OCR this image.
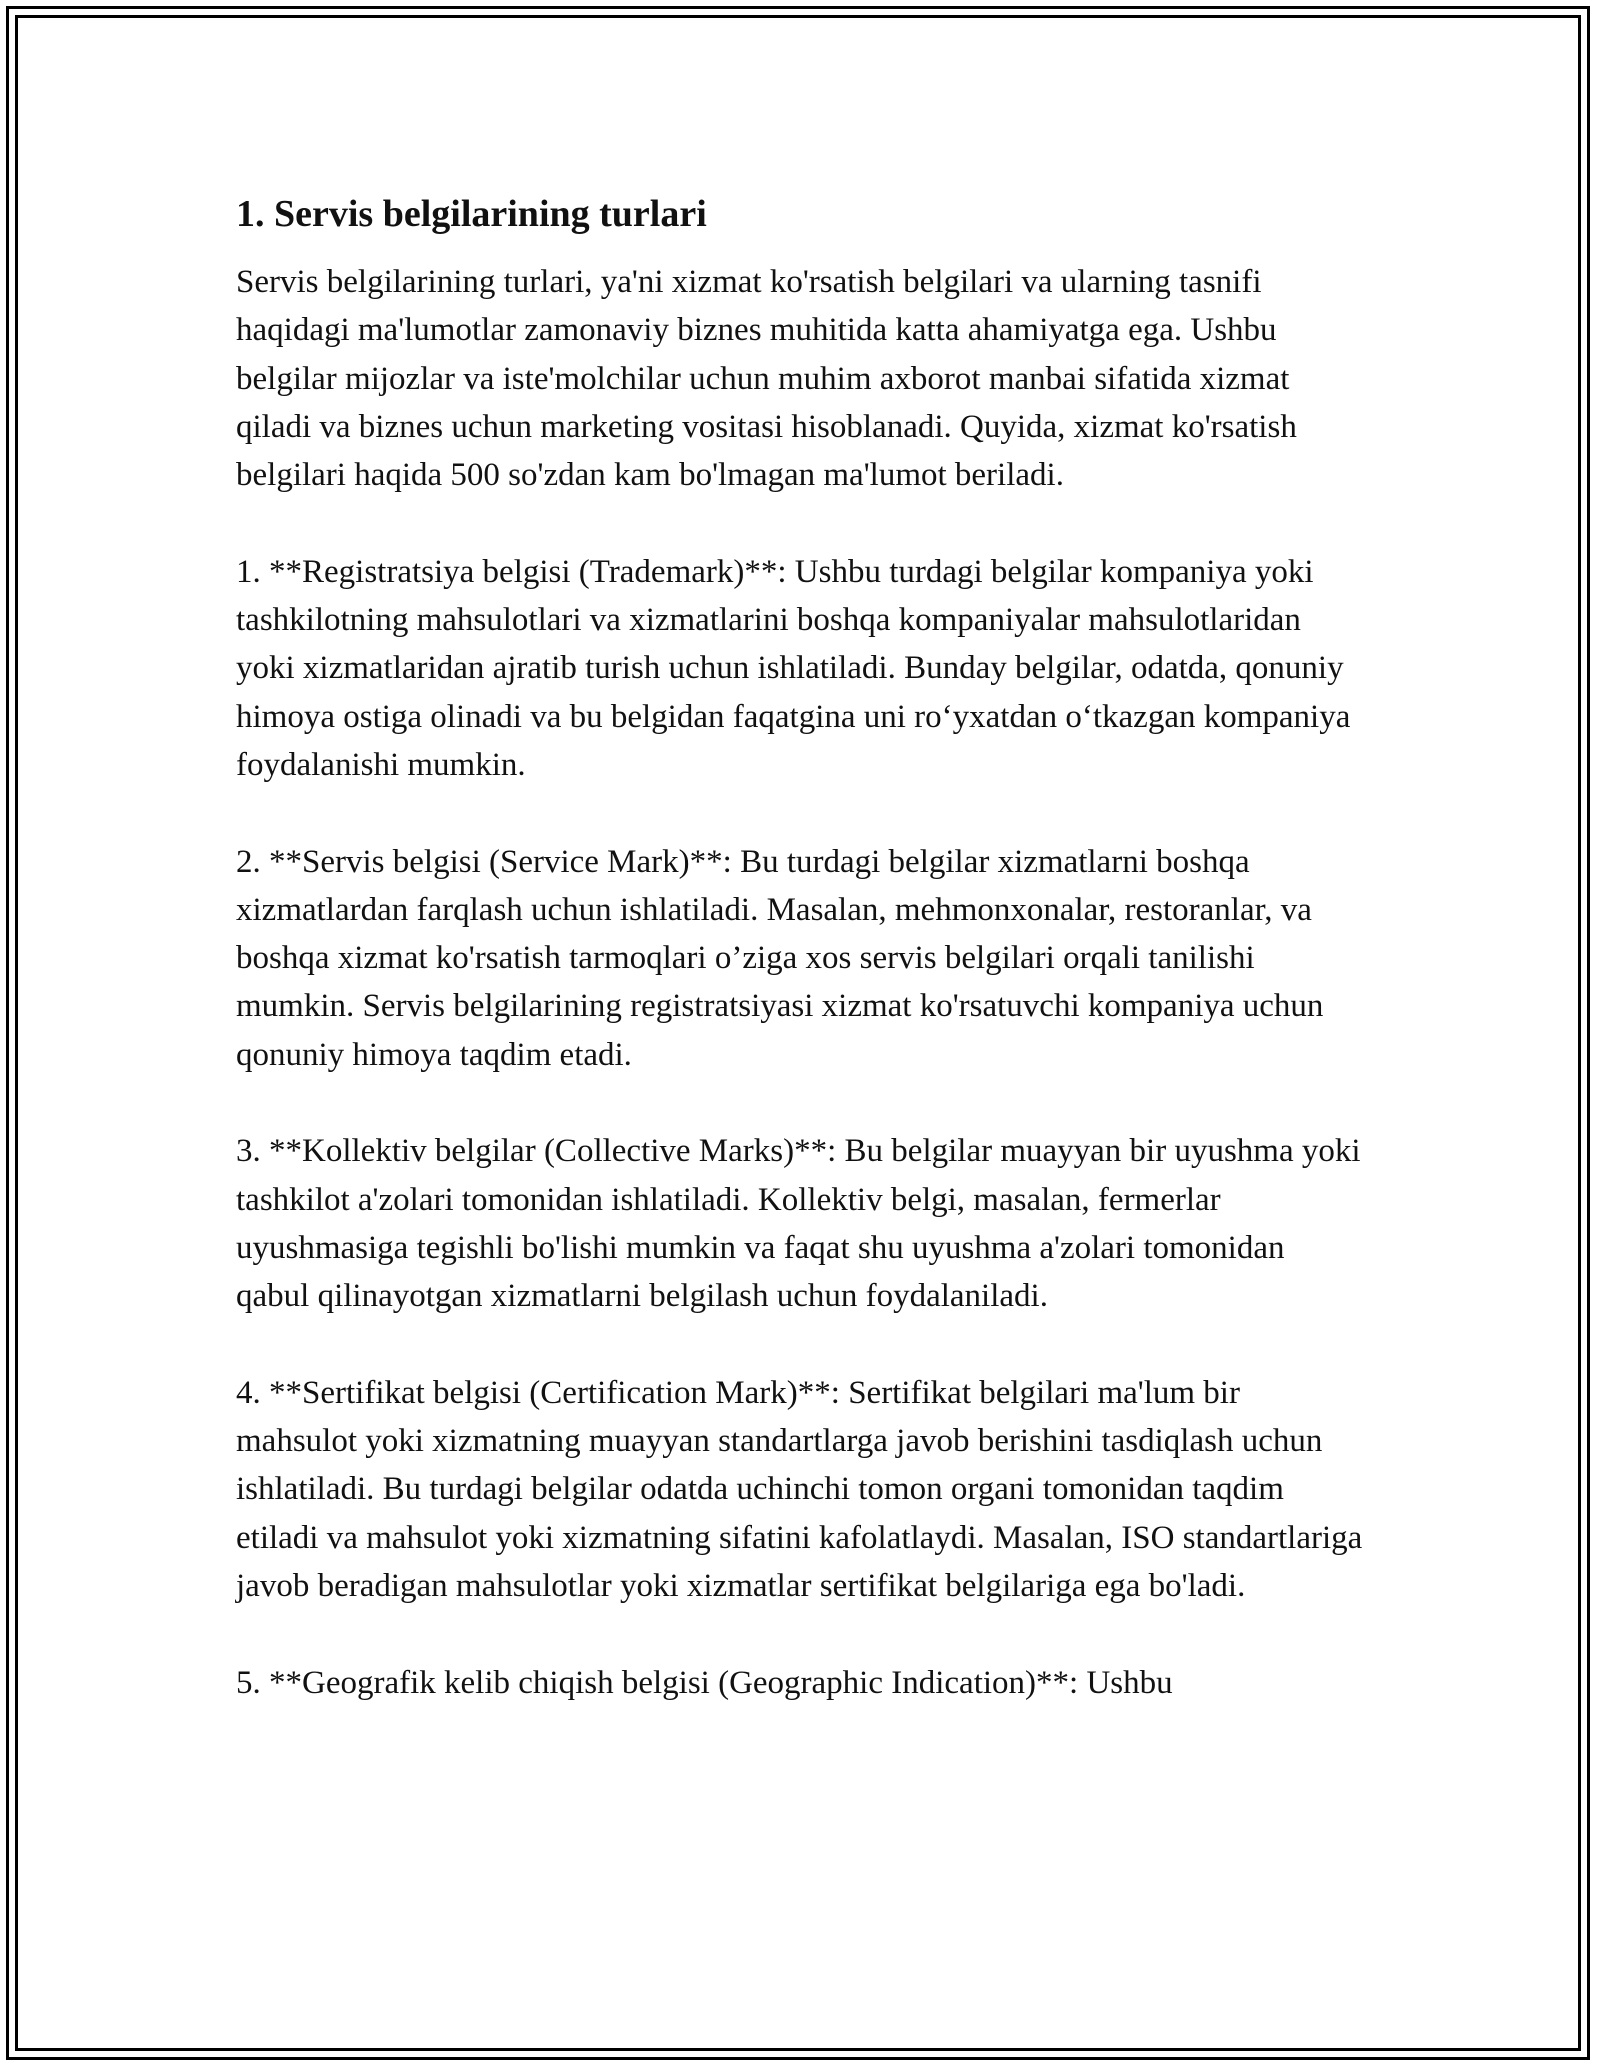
1. Servis belgilarining turlari

Servis belgilarining turlari, ya'ni xizmat ko'rsatish belgilari va ularning tasnifi haqidagi ma'lumotlar zamonaviy biznes muhitida katta ahamiyatga ega. Ushbu belgilar mijozlar va iste'molchilar uchun muhim axborot manbai sifatida xizmat qiladi va biznes uchun marketing vositasi hisoblanadi. Quyida, xizmat ko'rsatish belgilari haqida 500 so'zdan kam bo'lmagan ma'lumot beriladi.

1. **Registratsiya belgisi (Trademark)**: Ushbu turdagi belgilar kompaniya yoki tashkilotning mahsulotlari va xizmatlarini boshqa kompaniyalar mahsulotlaridan yoki xizmatlaridan ajratib turish uchun ishlatiladi. Bunday belgilar, odatda, qonuniy himoya ostiga olinadi va bu belgidan faqatgina uni ro‘yxatdan o‘tkazgan kompaniya foydalanishi mumkin.

2. **Servis belgisi (Service Mark)**: Bu turdagi belgilar xizmatlarni boshqa xizmatlardan farqlash uchun ishlatiladi. Masalan, mehmonxonalar, restoranlar, va boshqa xizmat ko'rsatish tarmoqlari o’ziga xos servis belgilari orqali tanilishi mumkin. Servis belgilarining registratsiyasi xizmat ko'rsatuvchi kompaniya uchun qonuniy himoya taqdim etadi.

3. **Kollektiv belgilar (Collective Marks)**: Bu belgilar muayyan bir uyushma yoki tashkilot a'zolari tomonidan ishlatiladi. Kollektiv belgi, masalan, fermerlar uyushmasiga tegishli bo'lishi mumkin va faqat shu uyushma a'zolari tomonidan qabul qilinayotgan xizmatlarni belgilash uchun foydalaniladi.

4. **Sertifikat belgisi (Certification Mark)**: Sertifikat belgilari ma'lum bir mahsulot yoki xizmatning muayyan standartlarga javob berishini tasdiqlash uchun ishlatiladi. Bu turdagi belgilar odatda uchinchi tomon organi tomonidan taqdim etiladi va mahsulot yoki xizmatning sifatini kafolatlaydi. Masalan, ISO standartlariga javob beradigan mahsulotlar yoki xizmatlar sertifikat belgilariga ega bo'ladi.

5. **Geografik kelib chiqish belgisi (Geographic Indication)**: Ushbu
